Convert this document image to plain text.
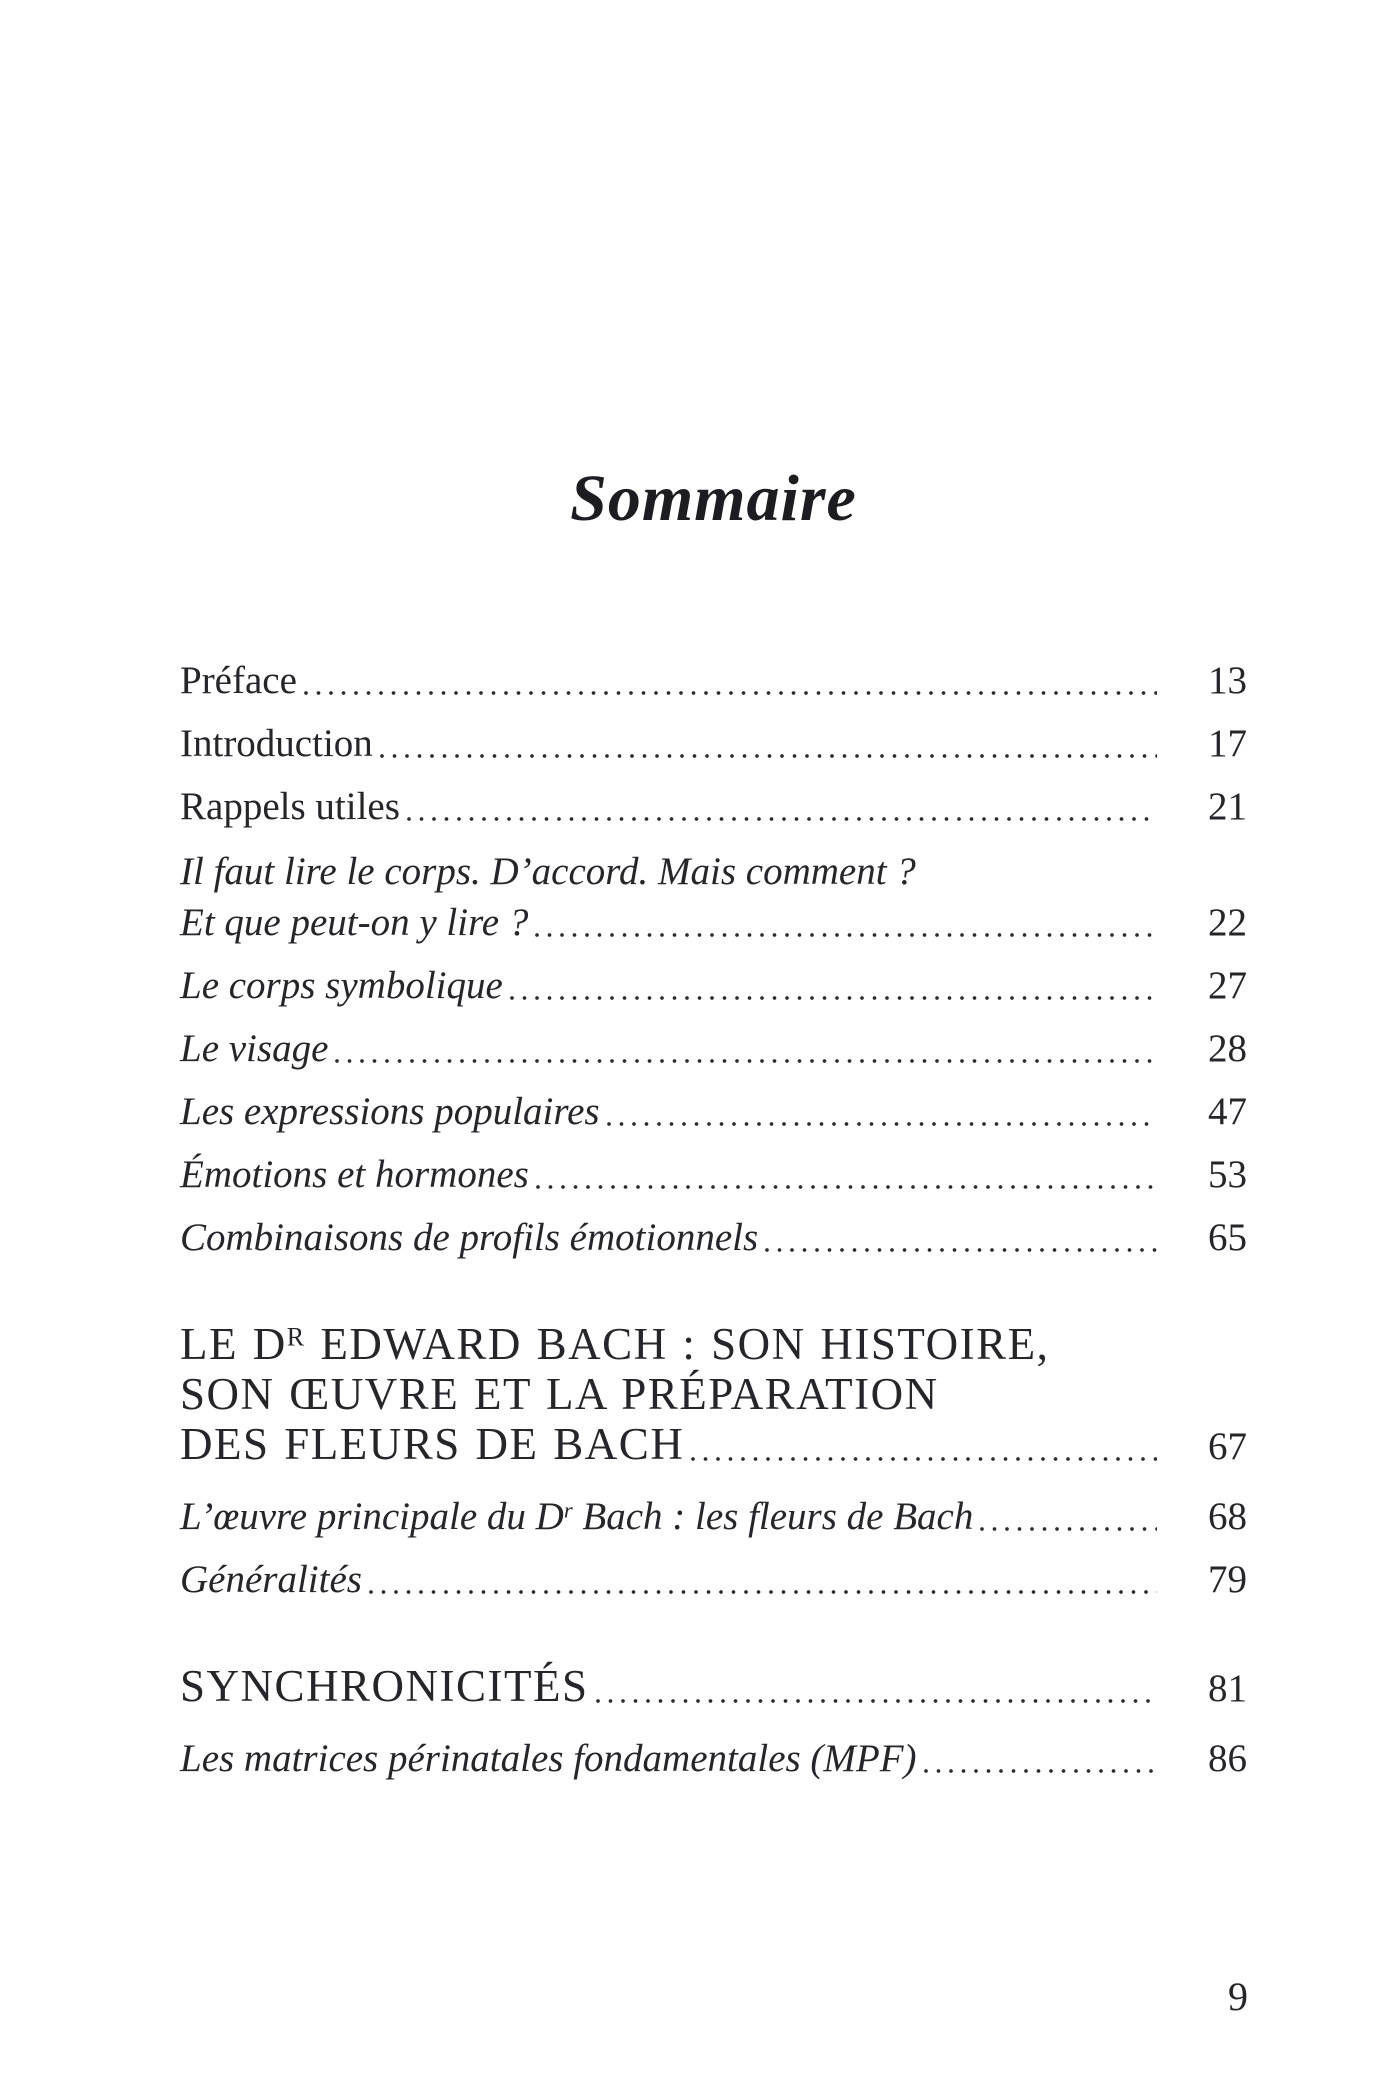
Sommaire
Préface	13
Introduction	17
Rappels utiles	21
Il faut lire le corps. D’accord. Mais comment ?
Et que peut-on y lire ?	22
Le corps symbolique	27
Le visage	28
Les expressions populaires	47
Émotions et hormones	53
Combinaisons de profils émotionnels	65
LE $D^R$ EDWARD BACH : SON HISTOIRE,
SON ŒUVRE ET LA PRÉPARATION
DES FLEURS DE BACH	67
L’œuvre principale du $D^r$ Bach : les fleurs de Bach	68
Généralités	79
SYNCHRONICITÉS	81
Les matrices périnatales fondamentales (MPF)	86
9
